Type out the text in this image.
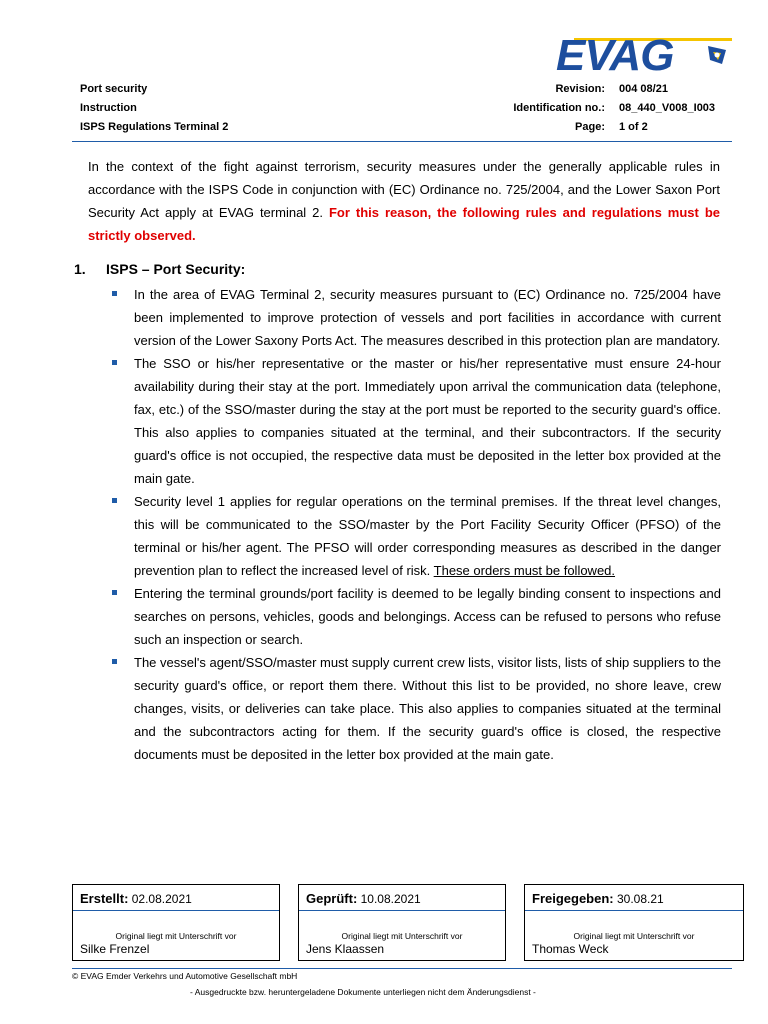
Port security
Instruction
ISPS Regulations Terminal 2
Revision:	004 08/21
Identification no.:	08_440_V008_I003
Page:	1 of 2
EVAG
In the context of the fight against terrorism, security measures under the generally applicable rules in accordance with the ISPS Code in conjunction with (EC) Ordinance no. 725/2004, and the Lower Saxon Port Security Act apply at EVAG terminal 2. For this reason, the following rules and regulations must be strictly observed.
1. ISPS – Port Security:
In the area of EVAG Terminal 2, security measures pursuant to (EC) Ordinance no. 725/2004 have been implemented to improve protection of vessels and port facilities in accordance with current version of the Lower Saxony Ports Act. The measures described in this protection plan are mandatory.
The SSO or his/her representative or the master or his/her representative must ensure 24-hour availability during their stay at the port. Immediately upon arrival the communication data (telephone, fax, etc.) of the SSO/master during the stay at the port must be reported to the security guard's office. This also applies to companies situated at the terminal, and their subcontractors. If the security guard's office is not occupied, the respective data must be deposited in the letter box provided at the main gate.
Security level 1 applies for regular operations on the terminal premises. If the threat level changes, this will be communicated to the SSO/master by the Port Facility Security Officer (PFSO) of the terminal or his/her agent. The PFSO will order corresponding measures as described in the danger prevention plan to reflect the increased level of risk. These orders must be followed.
Entering the terminal grounds/port facility is deemed to be legally binding consent to inspections and searches on persons, vehicles, goods and belongings. Access can be refused to persons who refuse such an inspection or search.
The vessel's agent/SSO/master must supply current crew lists, visitor lists, lists of ship suppliers to the security guard's office, or report them there. Without this list to be provided, no shore leave, crew changes, visits, or deliveries can take place. This also applies to companies situated at the terminal and the subcontractors acting for them. If the security guard's office is closed, the respective documents must be deposited in the letter box provided at the main gate.
Erstellt: 02.08.2021
Original liegt mit Unterschrift vor
Silke Frenzel
Geprüft: 10.08.2021
Original liegt mit Unterschrift vor
Jens Klaassen
Freigegeben: 30.08.21
Original liegt mit Unterschrift vor
Thomas Weck
© EVAG Emder Verkehrs und Automotive Gesellschaft mbH
- Ausgedruckte bzw. heruntergeladene Dokumente unterliegen nicht dem Änderungsdienst -
